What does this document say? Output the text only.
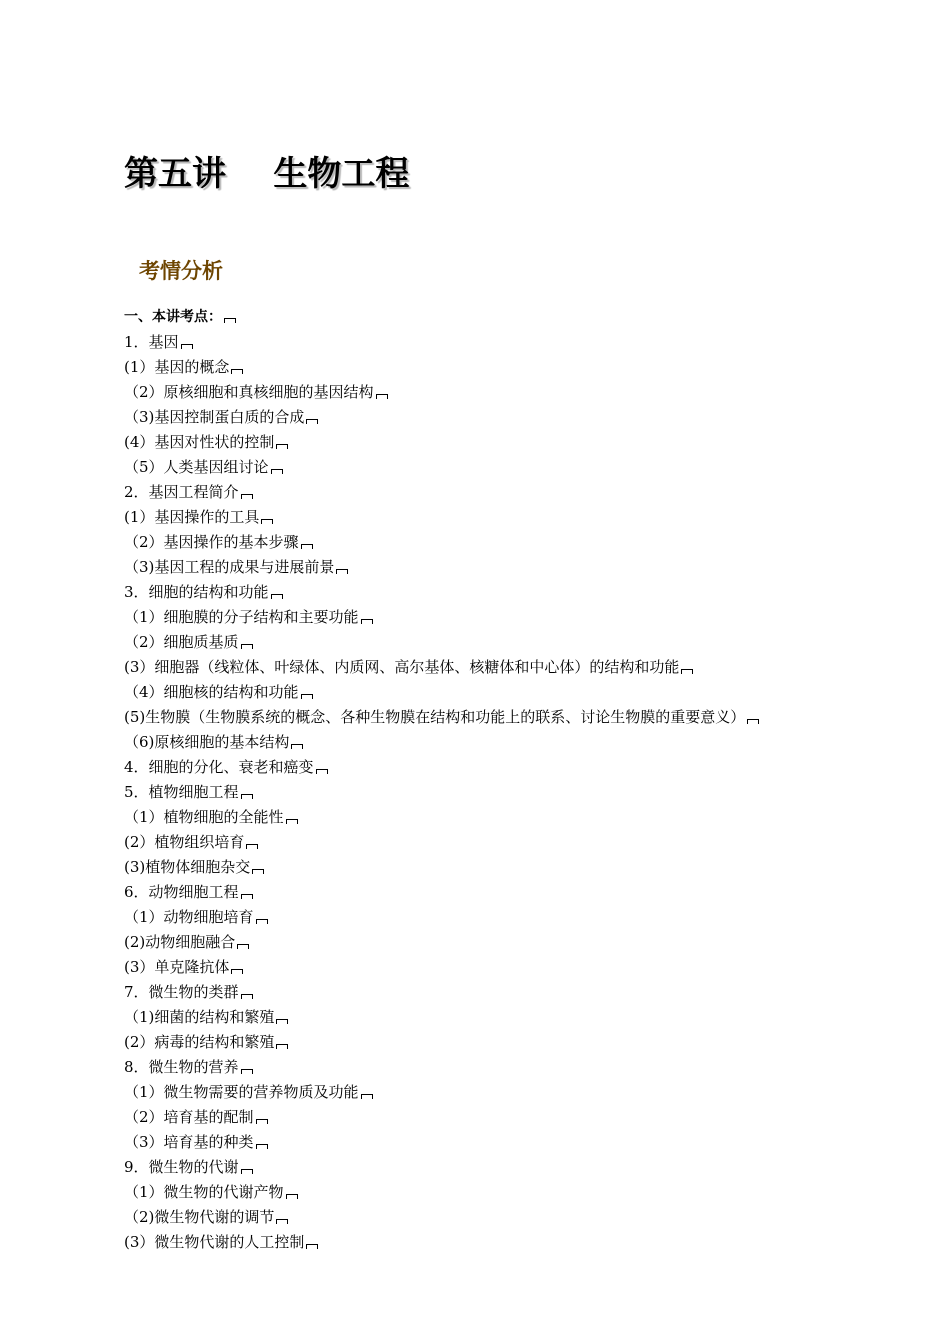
第五讲    生物工程
考情分析
一、本讲考点：
1．基因
(1）基因的概念
（2）原核细胞和真核细胞的基因结构
（3)基因控制蛋白质的合成
(4）基因对性状的控制
（5）人类基因组讨论
2．基因工程简介
(1）基因操作的工具
（2）基因操作的基本步骤
（3)基因工程的成果与进展前景
3．细胞的结构和功能
（1）细胞膜的分子结构和主要功能
（2）细胞质基质
(3）细胞器（线粒体、叶绿体、内质网、高尔基体、核糖体和中心体）的结构和功能
（4）细胞核的结构和功能
(5)生物膜（生物膜系统的概念、各种生物膜在结构和功能上的联系、讨论生物膜的重要意义）
（6)原核细胞的基本结构
4．细胞的分化、衰老和癌变
5．植物细胞工程
（1）植物细胞的全能性
(2）植物组织培育
(3)植物体细胞杂交
6．动物细胞工程
（1）动物细胞培育
(2)动物细胞融合
(3）单克隆抗体
7．微生物的类群
（1)细菌的结构和繁殖
(2）病毒的结构和繁殖
8．微生物的营养
（1）微生物需要的营养物质及功能
（2）培育基的配制
（3）培育基的种类
9．微生物的代谢
（1）微生物的代谢产物
（2)微生物代谢的调节
(3）微生物代谢的人工控制
